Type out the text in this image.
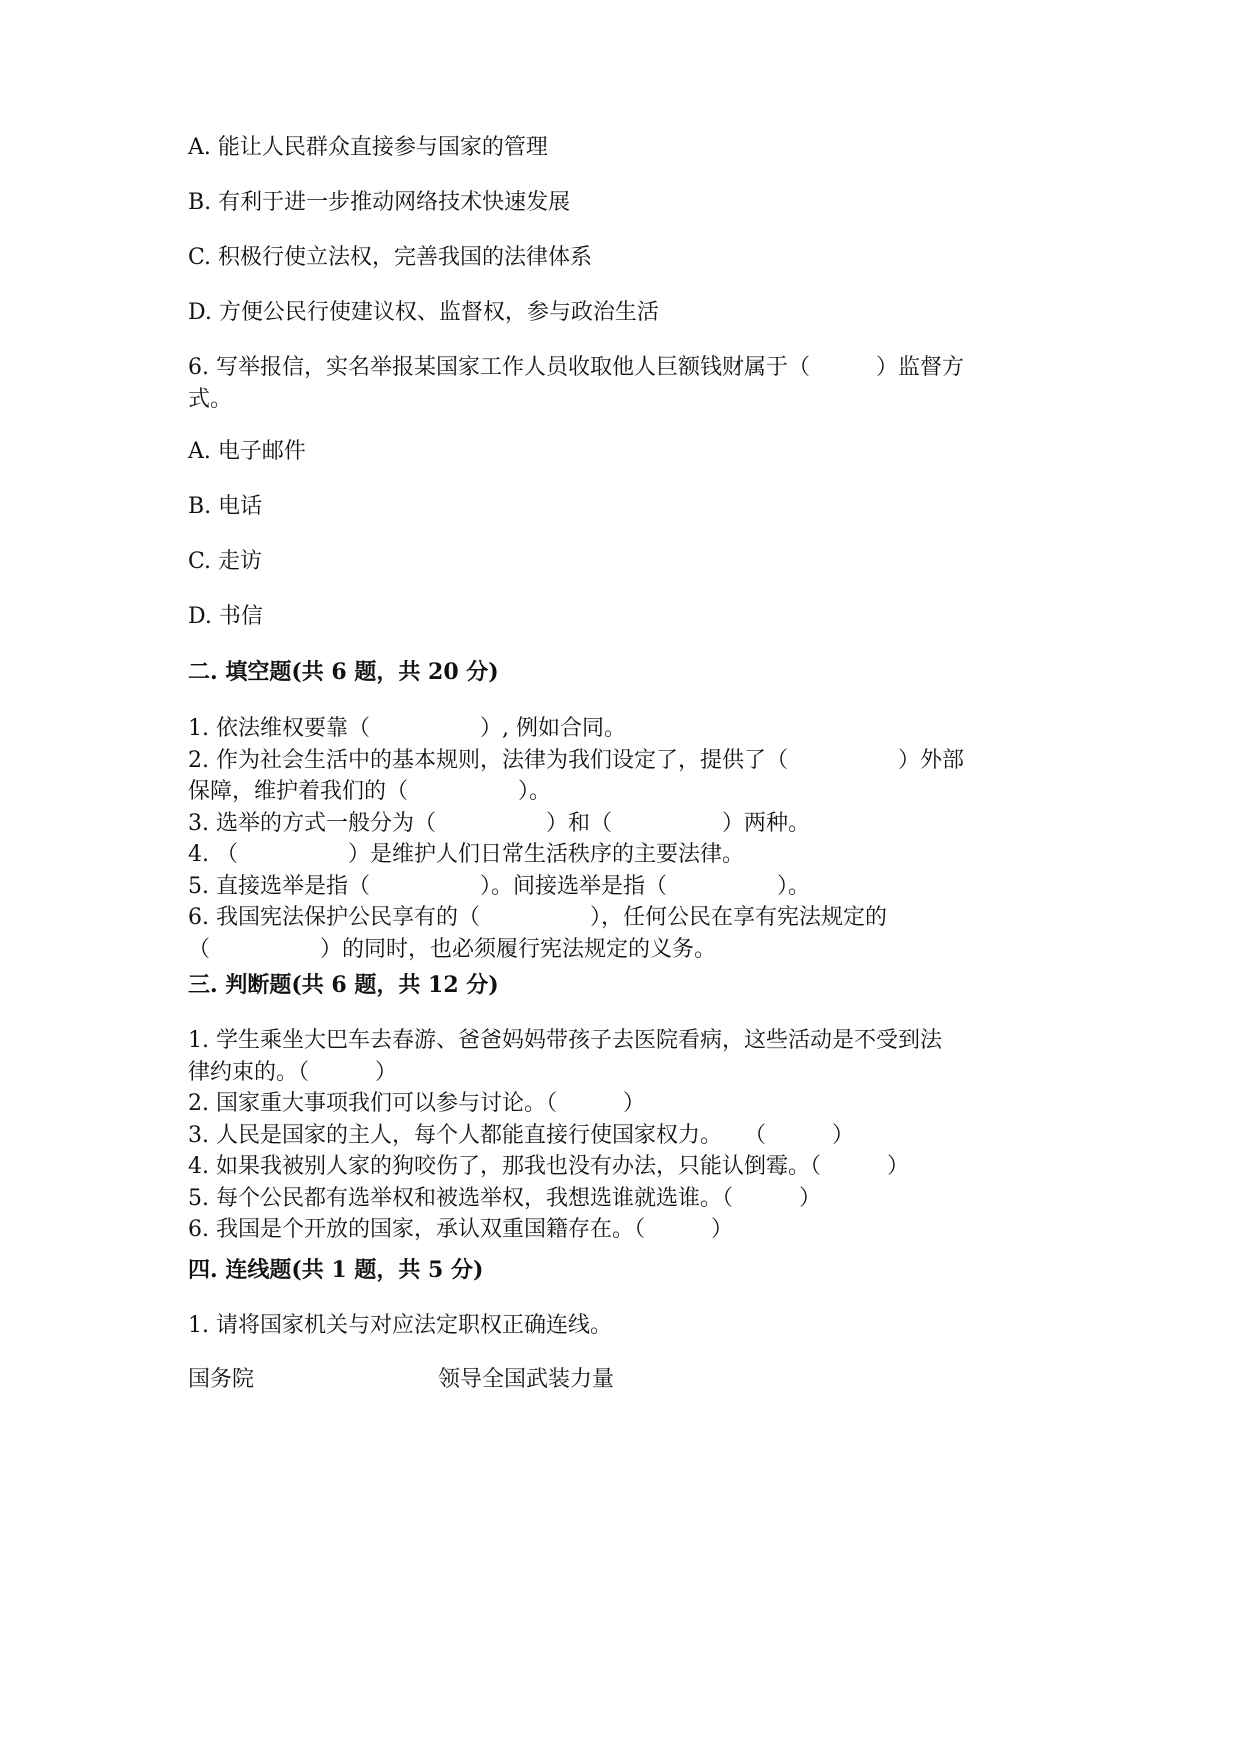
A. 能让人民群众直接参与国家的管理
B. 有利于进一步推动网络技术快速发展
C. 积极行使立法权，完善我国的法律体系
D. 方便公民行使建议权、监督权，参与政治生活
6. 写举报信，实名举报某国家工作人员收取他人巨额钱财属于（　　　）监督方
式。
A. 电子邮件
B. 电话
C. 走访
D. 书信
二. 填空题(共 6 题，共 20 分)
1. 依法维权要靠（　　　　　）, 例如合同。
2. 作为社会生活中的基本规则，法律为我们设定了，提供了（　　　　　）外部
保障，维护着我们的（　　　　　）。
3. 选举的方式一般分为（　　　　　）和（　　　　　）两种。
4. （　　　　　）是维护人们日常生活秩序的主要法律。
5. 直接选举是指（　　　　　）。间接选举是指（　　　　　）。
6. 我国宪法保护公民享有的（　　　　　），任何公民在享有宪法规定的
（　　　　　）的同时，也必须履行宪法规定的义务。
三. 判断题(共 6 题，共 12 分)
1. 学生乘坐大巴车去春游、爸爸妈妈带孩子去医院看病，这些活动是不受到法
律约束的。（　　　）
2. 国家重大事项我们可以参与讨论。（　　　）
3. 人民是国家的主人，每个人都能直接行使国家权力。　　（　　　）
4. 如果我被别人家的狗咬伤了，那我也没有办法，只能认倒霉。（　　　）
5. 每个公民都有选举权和被选举权，我想选谁就选谁。（　　　）
6. 我国是个开放的国家，承认双重国籍存在。（　　　）
四. 连线题(共 1 题，共 5 分)
1. 请将国家机关与对应法定职权正确连线。
国务院	领导全国武装力量
